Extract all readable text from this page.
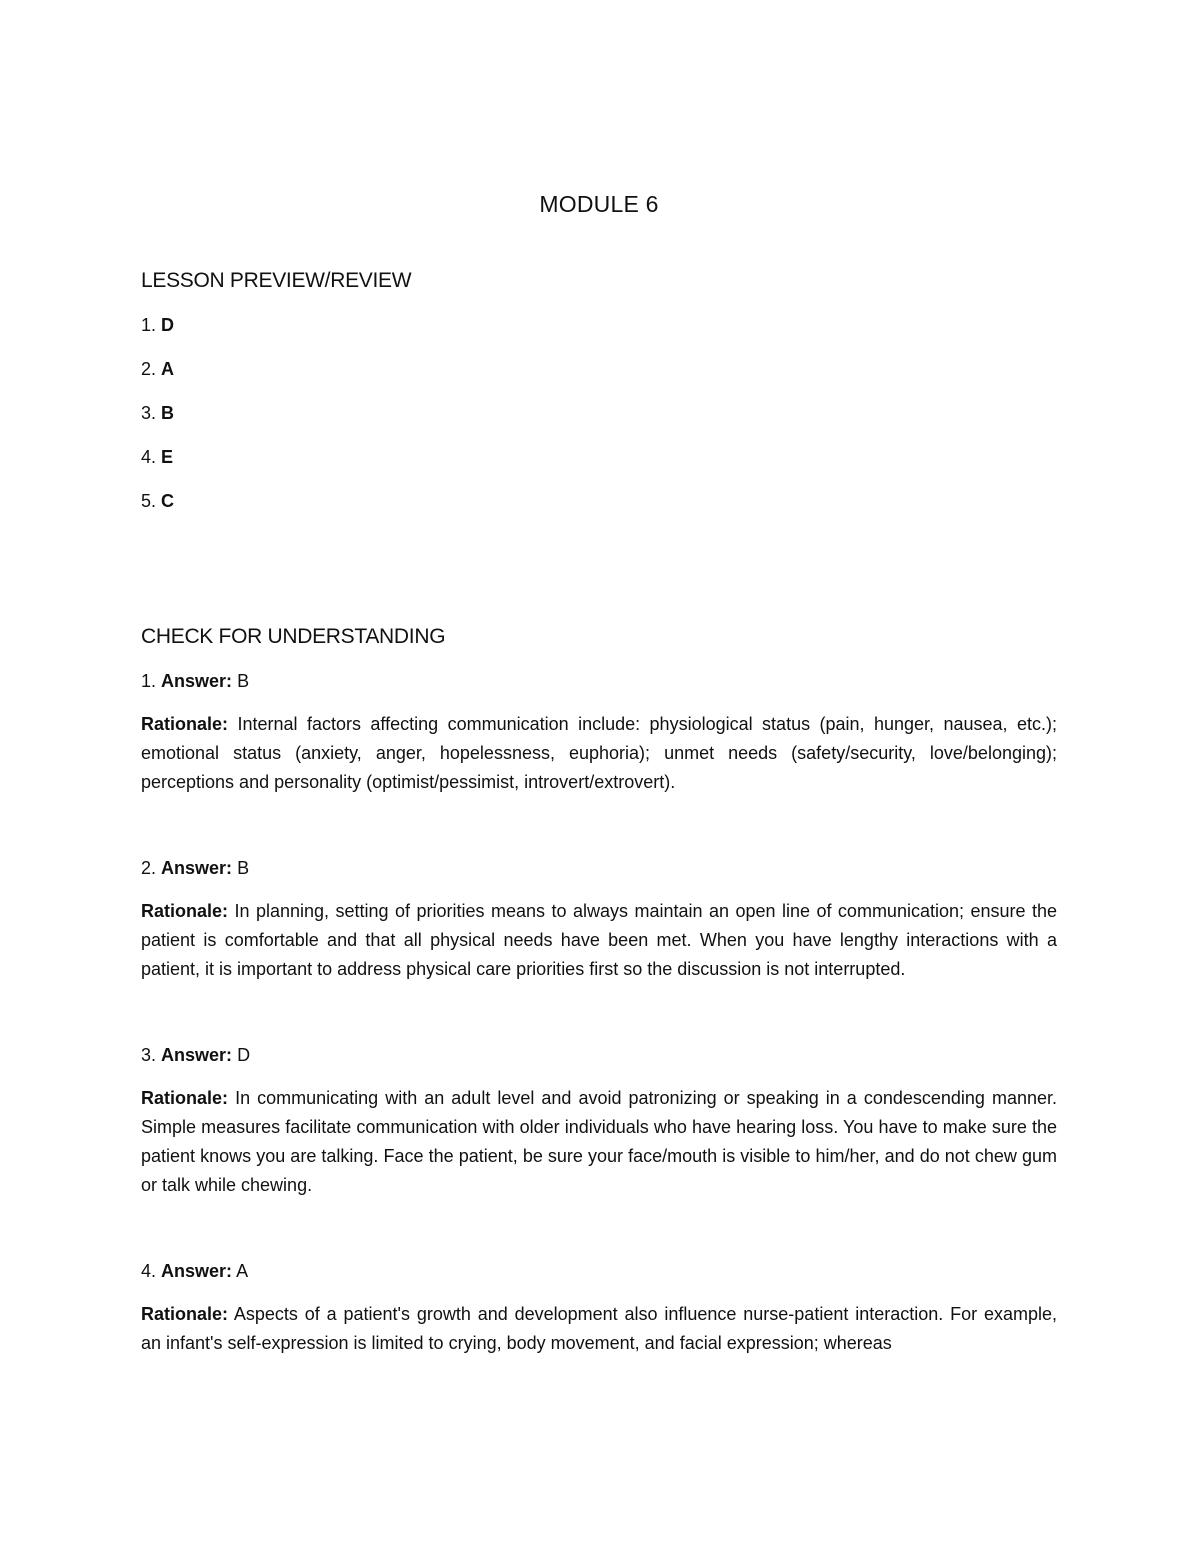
MODULE 6
LESSON PREVIEW/REVIEW
1. D
2. A
3. B
4. E
5. C
CHECK FOR UNDERSTANDING
1. Answer: B

Rationale: Internal factors affecting communication include: physiological status (pain, hunger, nausea, etc.); emotional status (anxiety, anger, hopelessness, euphoria); unmet needs (safety/security, love/belonging); perceptions and personality (optimist/pessimist, introvert/extrovert).

2. Answer: B

Rationale: In planning, setting of priorities means to always maintain an open line of communication; ensure the patient is comfortable and that all physical needs have been met. When you have lengthy interactions with a patient, it is important to address physical care priorities first so the discussion is not interrupted.

3. Answer: D

Rationale: In communicating with an adult level and avoid patronizing or speaking in a condescending manner. Simple measures facilitate communication with older individuals who have hearing loss. You have to make sure the patient knows you are talking. Face the patient, be sure your face/mouth is visible to him/her, and do not chew gum or talk while chewing.

4. Answer: A

Rationale: Aspects of a patient's growth and development also influence nurse-patient interaction. For example, an infant's self-expression is limited to crying, body movement, and facial expression; whereas
